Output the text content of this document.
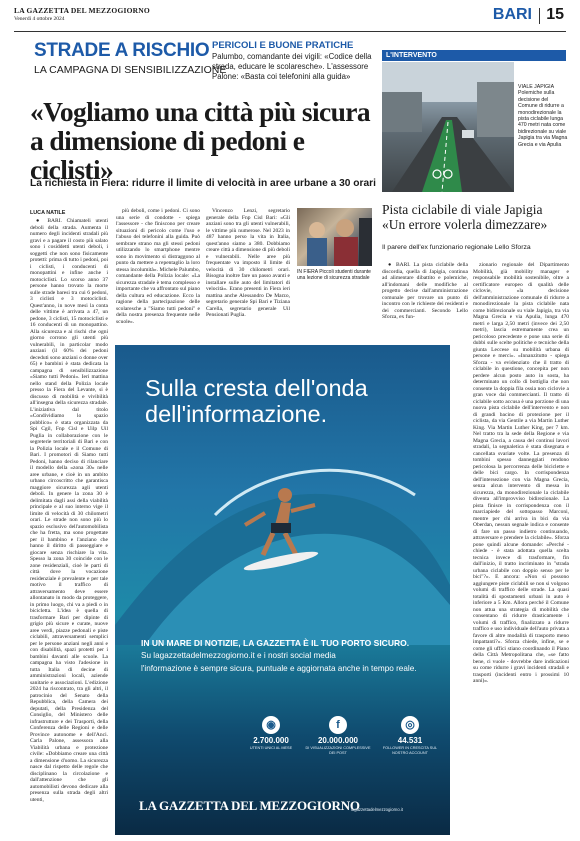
LA GAZZETTA DEL MEZZOGIORNO
Venerdì 4 ottobre 2024	BARI 15
STRADE A RISCHIO
LA CAMPAGNA DI SENSIBILIZZAZIONE
PERICOLI E BUONE PRATICHE
Palumbo, comandante dei vigili: «Codice della strada, educare le scolaresche». L'assessore Palone: «Basta coi telefonini alla guida»
«Vogliamo una città più sicura a dimensione di pedoni e ciclisti»
La richiesta in Fiera: ridurre il limite di velocità in aree urbane a 30 orari
L'INTERVENTO
VIALE JAPIGIA Polemiche sulla decisione del Comune di ridurre a monodirezionale la pista ciclabile lunga 470 metri nata come bidirezionale su viale Japigia tra via Magna Grecia e via Apulia
Pista ciclabile di viale Japigia «Un errore volerla dimezzare»
Il parere dell'ex funzionario regionale Lello Sforza
LUCA NATILE

● BARI. Chiamateli utenti deboli della strada. Aumenta il numero degli incidenti stradali più gravi e a pagare il costo più salato sono i cosiddetti utenti deboli, i soggetti che non sono fisicamente protetti: prima di tutto i pedoni, poi i ciclisti, i conducenti di monopattini e infine anche i motociclisti. Lo scorso anno 37 persone hanno trovato la morte sulle strade baresi tra cui 6 pedoni, 3 ciclisti e 3 motociclisti. Quest'anno, in nove mesi la conta delle vittime è arrivata a 47, un pedone, 3 ciclisti, 15 motociclisti e 16 conducenti di un monopattino. Alla sicurezza e ai rischi che ogni giorno corrono gli utenti più vulnerabili, in particolar modo anziani (il 60% dei pedoni deceduti sono anziani o donne over 65) e bambini è stata dedicata la campagna di sensibilizzazione «Siamo tutti Pedoni». Ieri mattina nello stand della Polizia locale presso la Fiera del Levante, si è discusso di mobilità e vivibilità all'insegna della sicurezza stradale. L'iniziativa dal titolo «Condividiamo lo spazio pubblico» è stata organizzata da Spi Cgil, Fnp Cisl e Uilp Uil Puglia in collaborazione con le segreterie territoriali di Bari e con la Polizia locale e il Comune di Bari. I promotori di Siamo tutti Pedoni, hanno deciso di rilanciare il modello della «zona 30» nelle aree urbane, e cioè in un ambito urbano circoscritto che garantisca maggiore sicurezza agli utenti deboli. In genere la zona 30 è delimitata dagli assi della viabilità principale e al suo interno vige il limite di velocità di 30 chilometri orari. Le strade non sono più lo spazio esclusivo dell'automobilista che ha fretta, ma sono progettate per il bambino e l'anziano che hanno il diritto di passeggiare e giocare senza rischiare la vita. Spesso la zona 30 coincide con le zone residenziali, cioè le parti di città dove la vocazione residenziale è prevalente e per tale motivo il traffico di attraversamento deve essere allontanato in modo da proteggere, in primo luogo, chi va a piedi o in bicicletta. L'idea è quella di trasformare Bari per dipinte di grigio più sicure e curate, nuove aree verdi, piazze pedonali e piste ciclabili, attraversamenti semplici per le persone anziani negli anni e con disabilità, spazi protetti per i bambini davanti alle scuole. La campagna ha visto l'adesione in tutta Italia di decine di amministrazioni locali, aziende sanitarie e associazioni. L'edizione 2024 ha riscontrato, tra gli altri, il patrocinio del Senato della Repubblica, della Camera dei deputati, della Presidenza del Consiglio, del Ministero delle infrastrutture e dei Trasporti, della Conferenza delle Regioni e delle Province autonome e dell'Anci. Carla Palone, assessora alla Viabilità urbana e protezione civile: «Dobbiamo creare una città a dimensione d'uomo. La sicurezza nasce dal rispetto delle regole che disciplinano la circolazione e dall'attenzione che gli automobilisti devono dedicare alla presenza sulla strada degli altri utenti,

più deboli, come i pedoni. Ci sono una serie di condotte - spiega l'assessore - che finiscono per creare situazioni di pericolo come l'uso e l'abuso dei telefonini alla guida. Può sembrare strano ma gli stessi pedoni utilizzando lo smartphone mentre sono in movimento si distraggono al punto da mettere a repentaglio la loro stessa incolumità». Michele Palumbo, comandante della Polizia locale: «La sicurezza stradale è tema complesso e importante che va affrontato sul piano della cultura ed educazione. Ecco la ragione della partecipazione delle scolaresche a "Siamo tutti pedoni" e della nostra presenza frequente nelle scuole».

Vincenzo Lenzi, segretario generale della Fnp Cisl Bari: «Gli anziani sono tra gli utenti vulnerabili, le vittime più numerose. Nel 2023 in 487 hanno perso la vita in Italia, quest'anno siamo a 380. Dobbiamo creare città a dimensione di più deboli e vulnerabili. Nelle aree più frequentate va imposto il limite di velocità di 30 chilometri orari. Bisogna inoltre fare un passo avanti e installare sulle auto del limitatori di velocità». Erano presenti in Fiera ieri mattina anche Alessandro De Marzo, segretario generale Spi Bari e Tiziana Carella, segretario generale Uil Pensionati Puglia.

IN FIERA Piccoli studenti durante una lezione di sicurezza stradale

● BARI. La pista ciclabile della discordia, quella di Japigia, continua ad alimentare dibattito e polemiche, all'indomani delle modifiche al progetto decise dall'amministrazione comunale per trovare un punto di incontro con le richieste dei residenti e dei commercianti. Secondo Lello Sforza, ex fun-

zionario regionale del Dipartimento Mobilità, già mobility manager e responsabile mobilità sostenibile, oltre a certificatore europeo di qualità delle ciclovie, «la decisione dell'amministrazione comunale di ridurre a monodirezionale la pista ciclabile nata come bidirezionale su viale Japigia, tra via Magna Grecia e via Apulia, lunga 470 metri e larga 2,50 metri (invece dei 2,50 metri), lascia estremamente crea un pericoloso precedente e pone una serie di dubbi sulle scelte politiche e tecniche della giunta Leccese su mobilità urbana di persone e merci». «Innanzitutto - spiega Sforza - va evidenziato che il tratto di ciclabile in questione, concepita per non perdere alcun posto auto in sosta, ha determinato un collo di bottiglia che non consente la doppia fila ossia non ciclovie a gran voce dai commercianti. Il tratto di ciclabile sotto accusa è una porzione di una nuova pista ciclabile dell'intervento e non di grandi bacino di protezione per il ciclista, da via Gentile a via Martin Luther King. Via Martin Luther King, per 7 km. Nel tratto tra la sede della Regione e via Magna Grecia, a causa del continui lavori stradali, la segnaletica è stata disegnata e cancellata svariate volte. La presenza di tombini spesso danneggiati rendono pericolosa la percorrenza delle biciclette e delle bici cargo. In corrispondenza dell'intersezione con via Magna Grecia, senza alcun intervento di messa in sicurezza, da monodirezionale la ciclabile diventa all'improvviso bidirezionale. La pista finisce in corrispondenza con il marciapiede del sottopasso Marconi, mentre per chi arriva in bici da via Oberdan, nessun segnale indica e consente di fare un passo indietro continuando, attraversare e prendere la ciclabile». Sforza pone quindi alcune domande: «Perché - chiede - è stata adottata quella scelta tecnica invece di trasformare, fin dall'inizio, il tratto incriminato in "strada urbana ciclabile con doppio senso per le bici"?». E ancora: «Non si possono aggiungere piste ciclabili se non si volgono volumi di traffico delle strade. La quasi totalità di spostamenti urbani in auto è inferiore a 5 Km. Allora perché il Comune non attua una strategia di mobilità che consentano di ridurre drasticamente i volumi di traffico, finalizzato a ridurre traffico e uso individuale dell'auto privata a favore di altre modalità di trasporto meno impattanti?». Sforza chiede, infine, se e come gli uffici stiano coordinando il Piano della Città Metropolitana che, «se fatto bene, ci vuole - dovrebbe dare indicazioni su come ridurre i gravi incidenti stradali e trasporti (incidenti entro i prossimi 10 anni)».

Sulla cresta dell'onda dell'informazione.
IN UN MARE DI NOTIZIE, LA GAZZETTA È IL TUO PORTO SICURO.
Su lagazzettadelmezzogiorno.it e i nostri social media
l'informazione è sempre sicura, puntuale e aggiornata anche in tempo reale.
◉
2.700.000
UTENTI UNICI AL MESE
f
20.000.000
DI VISUALIZZAZIONI COMPLESSIVE DEI POST
◎
44.531
FOLLOWER IN CRESCITA SUL NOSTRO ACCOUNT
LA GAZZETTA DEL MEZZOGIORNO
lagazzettadelmezzogiorno.it
